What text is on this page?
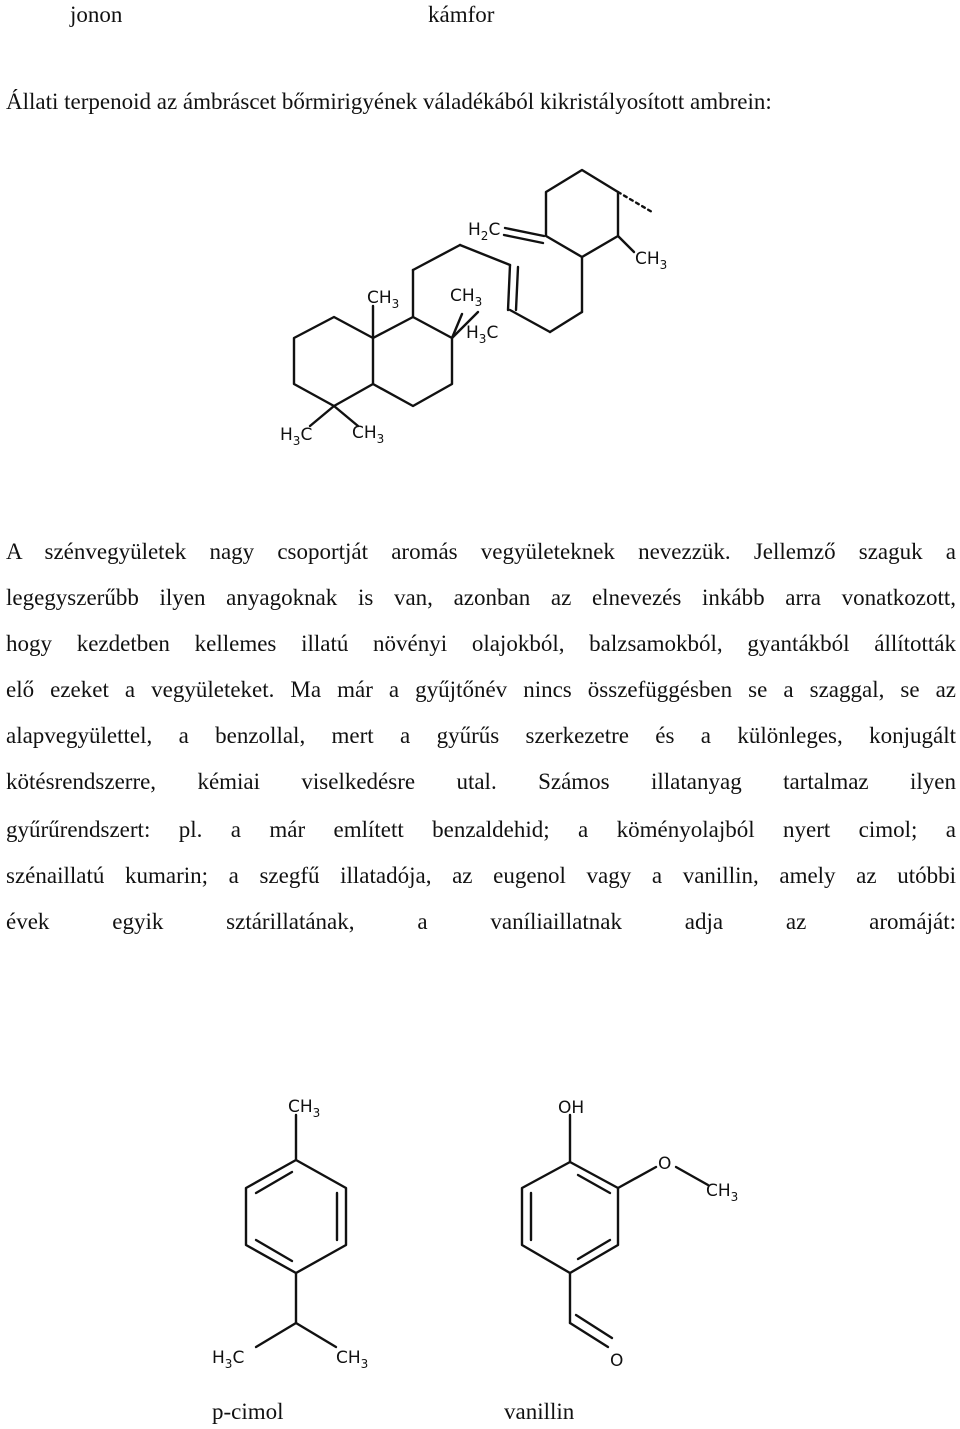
jonon	kámfor
Állati terpenoid az ámbráscet bőrmirigyének váladékából kikristályosított ambrein:
$H_2C$
$CH_3$
$CH_3$	$CH_3$
$H_3C$
$H_3C$ $CH_3$
A szénvegyületek nagy csoportját aromás vegyületeknek nevezzük. Jellemző szaguk a
legegyszerűbb ilyen anyagoknak is van, azonban az elnevezés inkább arra vonatkozott,
hogy kezdetben kellemes illatú növényi olajokból, balzsamokból, gyantákból állították
elő ezeket a vegyületeket. Ma már a gyűjtőnév nincs összefüggésben se a szaggal, se az
alapvegyülettel, a benzollal, mert a gyűrűs szerkezetre és a különleges, konjugált
kötésrendszerre, kémiai viselkedésre utal. Számos illatanyag tartalmaz ilyen
gyűrűrendszert: pl. a már említett benzaldehid; a köményolajból nyert cimol; a
szénaillatú kumarin; a szegfű illatadója, az eugenol vagy a vanillin, amely az utóbbi
évek egyik sztárillatának, a vaníliaillatnak adja az aromáját:
$CH_3$
$H_3C$	$CH_3$
p-cimol
OH
O
$CH_3$
O
vanillin
